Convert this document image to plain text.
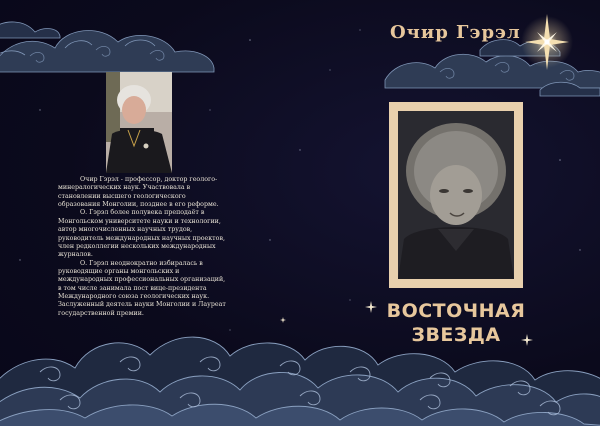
Очир Гэрэл

Очир Гэрэл - профессор, доктор геолого-минералогических наук. Участвовала в становлении высшего геологического образования Монголии, позднее в его реформе.

О. Гэрэл более полувека преподаёт в Монгольском университете науки и технологии, автор многочисленных научных трудов, руководитель международных научных проектов, член редколлегии нескольких международных журналов.

О. Гэрэл неоднократно избиралась в руководящие органы монгольских и международных профессиональных организаций, в том числе занимала пост вице-президента Международного союза геологических наук. Заслуженный деятель науки Монголии и Лауреат государственной премии.	ВОСТОЧНАЯ
ЗВЕЗДА
